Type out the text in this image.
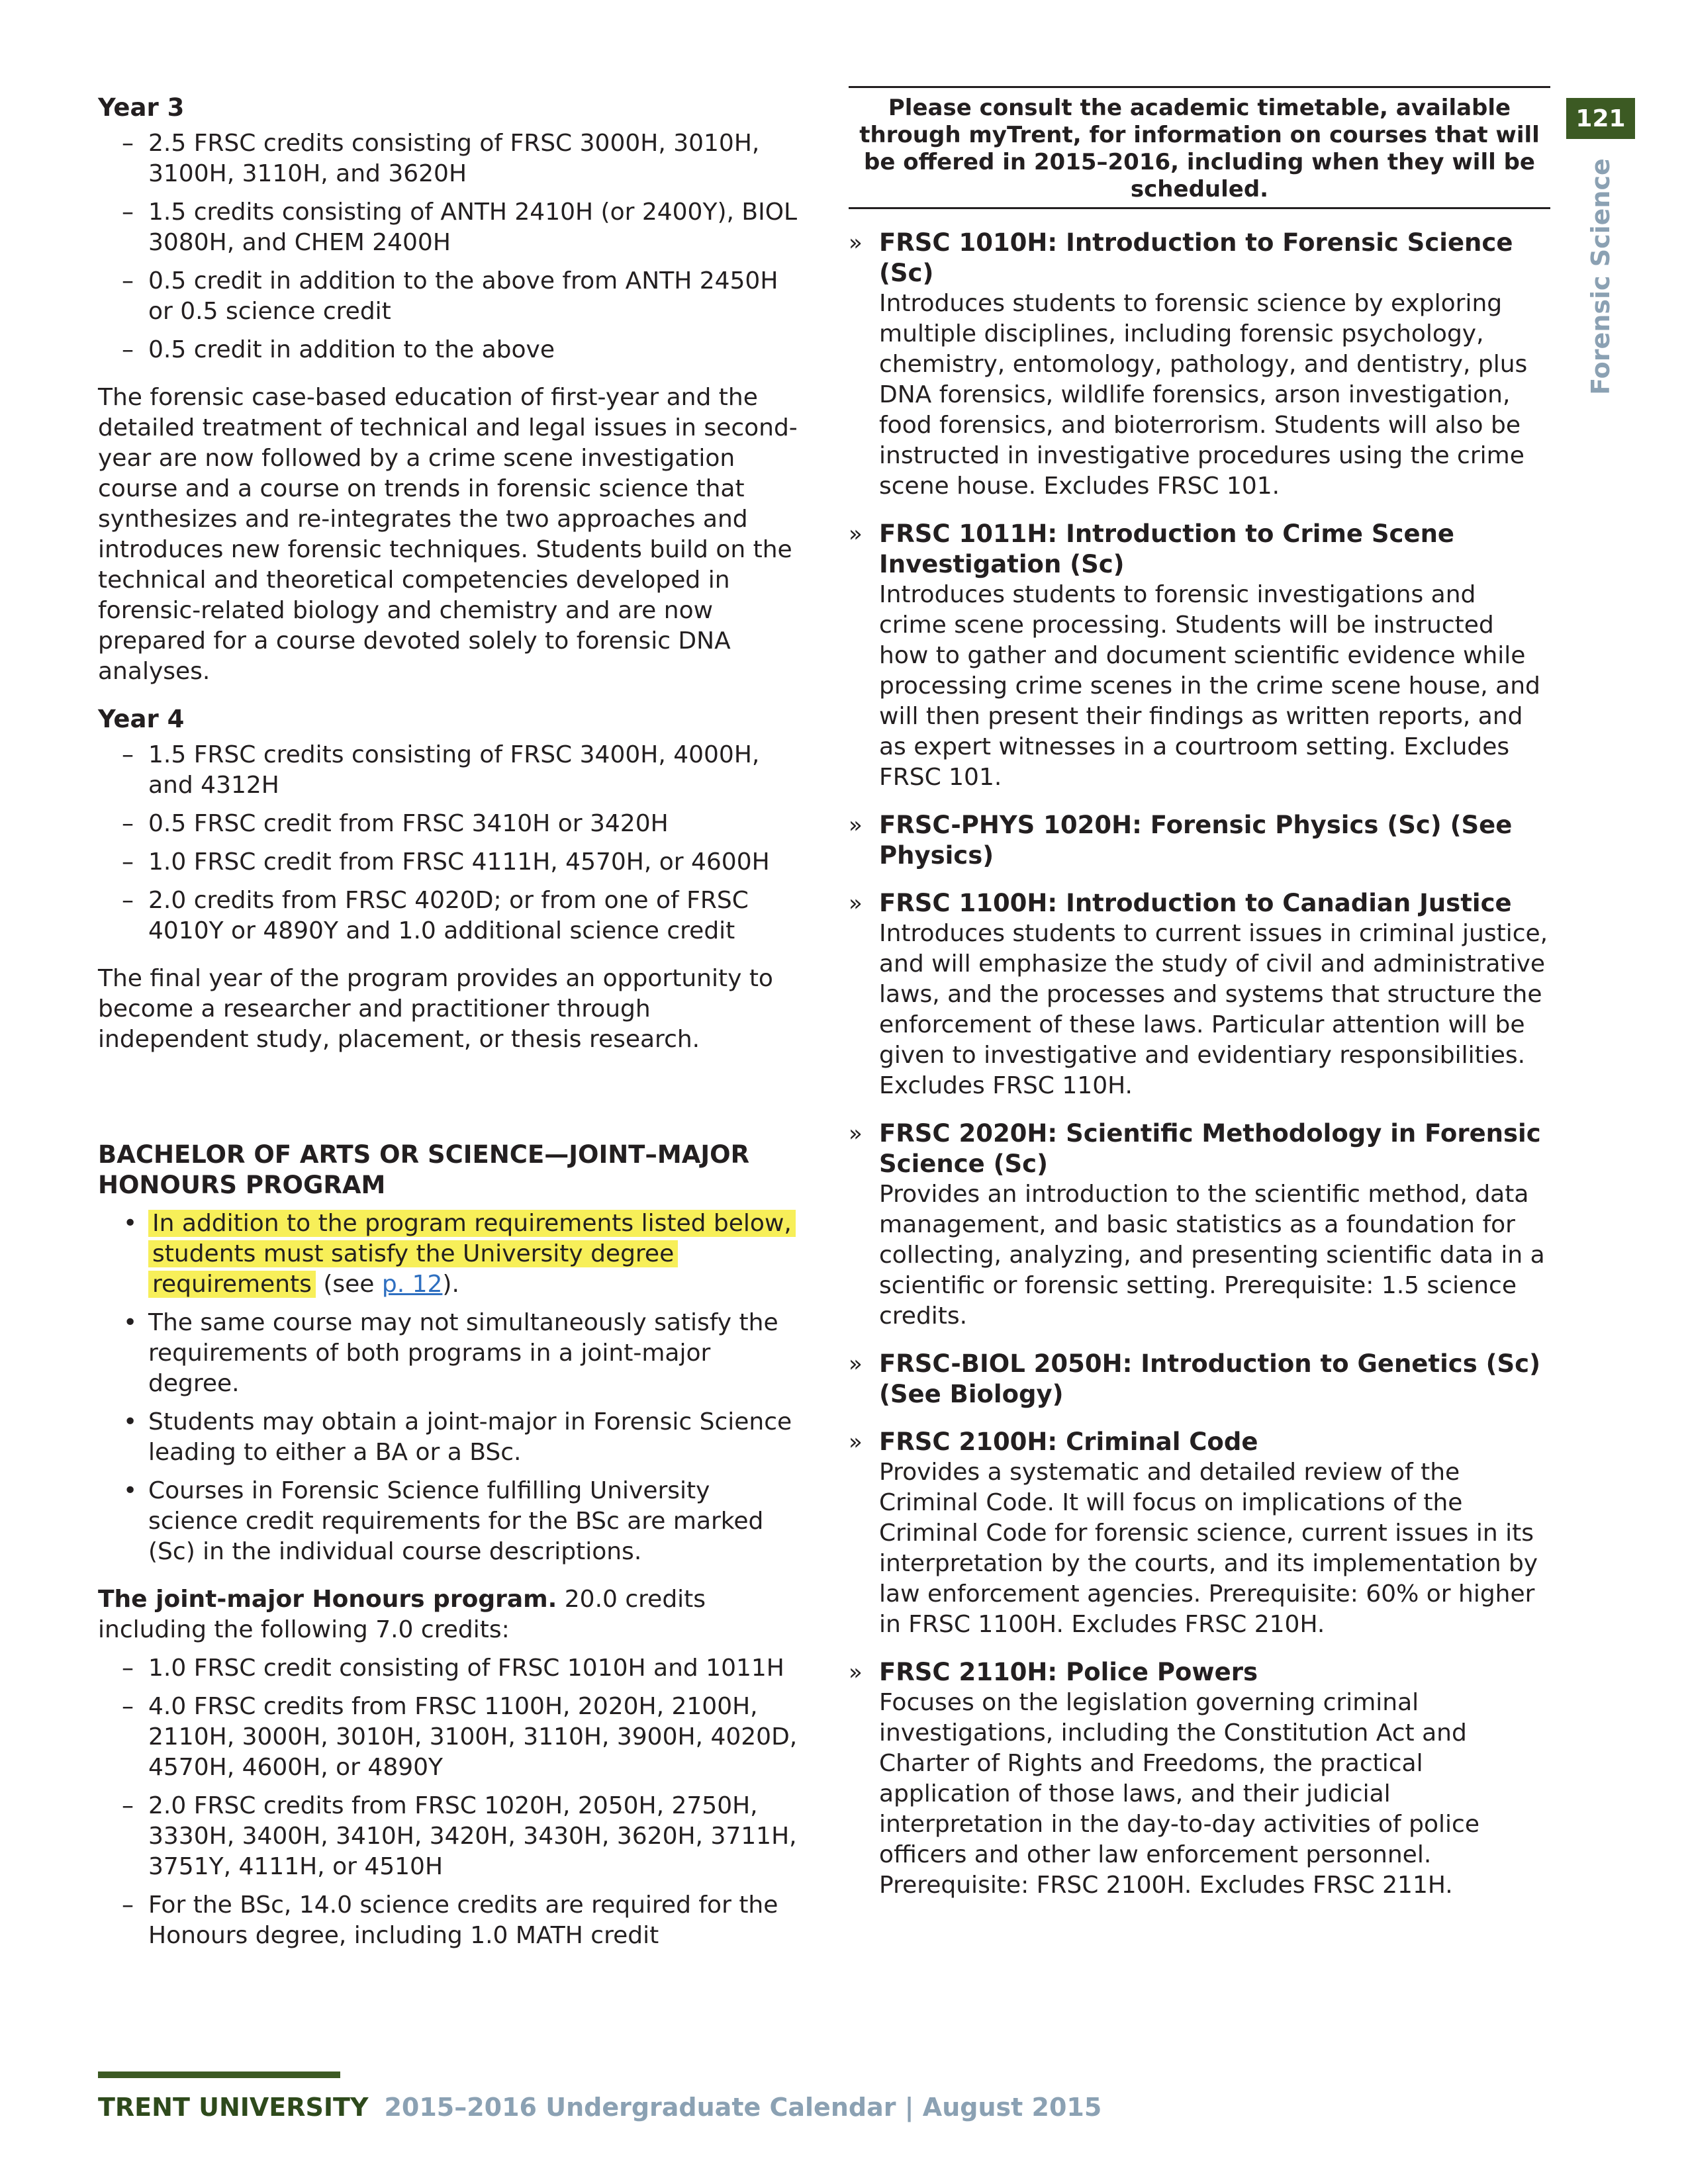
Year 3
– 2.5 FRSC credits consisting of FRSC 3000H, 3010H, 3100H, 3110H, and 3620H
– 1.5 credits consisting of ANTH 2410H (or 2400Y), BIOL 3080H, and CHEM 2400H
– 0.5 credit in addition to the above from ANTH 2450H or 0.5 science credit
– 0.5 credit in addition to the above

The forensic case-based education of first-year and the detailed treatment of technical and legal issues in second-year are now followed by a crime scene investigation course and a course on trends in forensic science that synthesizes and re-integrates the two approaches and introduces new forensic techniques. Students build on the technical and theoretical competencies developed in forensic-related biology and chemistry and are now prepared for a course devoted solely to forensic DNA analyses.

Year 4
– 1.5 FRSC credits consisting of FRSC 3400H, 4000H, and 4312H
– 0.5 FRSC credit from FRSC 3410H or 3420H
– 1.0 FRSC credit from FRSC 4111H, 4570H, or 4600H
– 2.0 credits from FRSC 4020D; or from one of FRSC 4010Y or 4890Y and 1.0 additional science credit

The final year of the program provides an opportunity to become a researcher and practitioner through independent study, placement, or thesis research.

BACHELOR OF ARTS OR SCIENCE—JOINT–MAJOR HONOURS PROGRAM
• In addition to the program requirements listed below, students must satisfy the University degree requirements (see p. 12).
• The same course may not simultaneously satisfy the requirements of both programs in a joint-major degree.
• Students may obtain a joint-major in Forensic Science leading to either a BA or a BSc.
• Courses in Forensic Science fulfilling University science credit requirements for the BSc are marked (Sc) in the individual course descriptions.

The joint-major Honours program. 20.0 credits including the following 7.0 credits:

– 1.0 FRSC credit consisting of FRSC 1010H and 1011H
– 4.0 FRSC credits from FRSC 1100H, 2020H, 2100H, 2110H, 3000H, 3010H, 3100H, 3110H, 3900H, 4020D, 4570H, 4600H, or 4890Y
– 2.0 FRSC credits from FRSC 1020H, 2050H, 2750H, 3330H, 3400H, 3410H, 3420H, 3430H, 3620H, 3711H, 3751Y, 4111H, or 4510H
– For the BSc, 14.0 science credits are required for the Honours degree, including 1.0 MATH credit
Please consult the academic timetable, available through myTrent, for information on courses that will be offered in 2015–2016, including when they will be scheduled.
» FRSC 1010H: Introduction to Forensic Science (Sc)
Introduces students to forensic science by exploring multiple disciplines, including forensic psychology, chemistry, entomology, pathology, and dentistry, plus DNA forensics, wildlife forensics, arson investigation, food forensics, and bioterrorism. Students will also be instructed in investigative procedures using the crime scene house. Excludes FRSC 101.
» FRSC 1011H: Introduction to Crime Scene Investigation (Sc)
Introduces students to forensic investigations and crime scene processing. Students will be instructed how to gather and document scientific evidence while processing crime scenes in the crime scene house, and will then present their findings as written reports, and as expert witnesses in a courtroom setting. Excludes FRSC 101.
» FRSC-PHYS 1020H: Forensic Physics (Sc) (See Physics)
» FRSC 1100H: Introduction to Canadian Justice
Introduces students to current issues in criminal justice, and will emphasize the study of civil and administrative laws, and the processes and systems that structure the enforcement of these laws. Particular attention will be given to investigative and evidentiary responsibilities. Excludes FRSC 110H.
» FRSC 2020H: Scientific Methodology in Forensic Science (Sc)
Provides an introduction to the scientific method, data management, and basic statistics as a foundation for collecting, analyzing, and presenting scientific data in a scientific or forensic setting. Prerequisite: 1.5 science credits.
» FRSC-BIOL 2050H: Introduction to Genetics (Sc) (See Biology)
» FRSC 2100H: Criminal Code
Provides a systematic and detailed review of the Criminal Code. It will focus on implications of the Criminal Code for forensic science, current issues in its interpretation by the courts, and its implementation by law enforcement agencies. Prerequisite: 60% or higher in FRSC 1100H. Excludes FRSC 210H.
» FRSC 2110H: Police Powers
Focuses on the legislation governing criminal investigations, including the Constitution Act and Charter of Rights and Freedoms, the practical application of those laws, and their judicial interpretation in the day-to-day activities of police officers and other law enforcement personnel. Prerequisite: FRSC 2100H. Excludes FRSC 211H.
121
Forensic Science
TRENT UNIVERSITY 2015–2016 Undergraduate Calendar | August 2015
